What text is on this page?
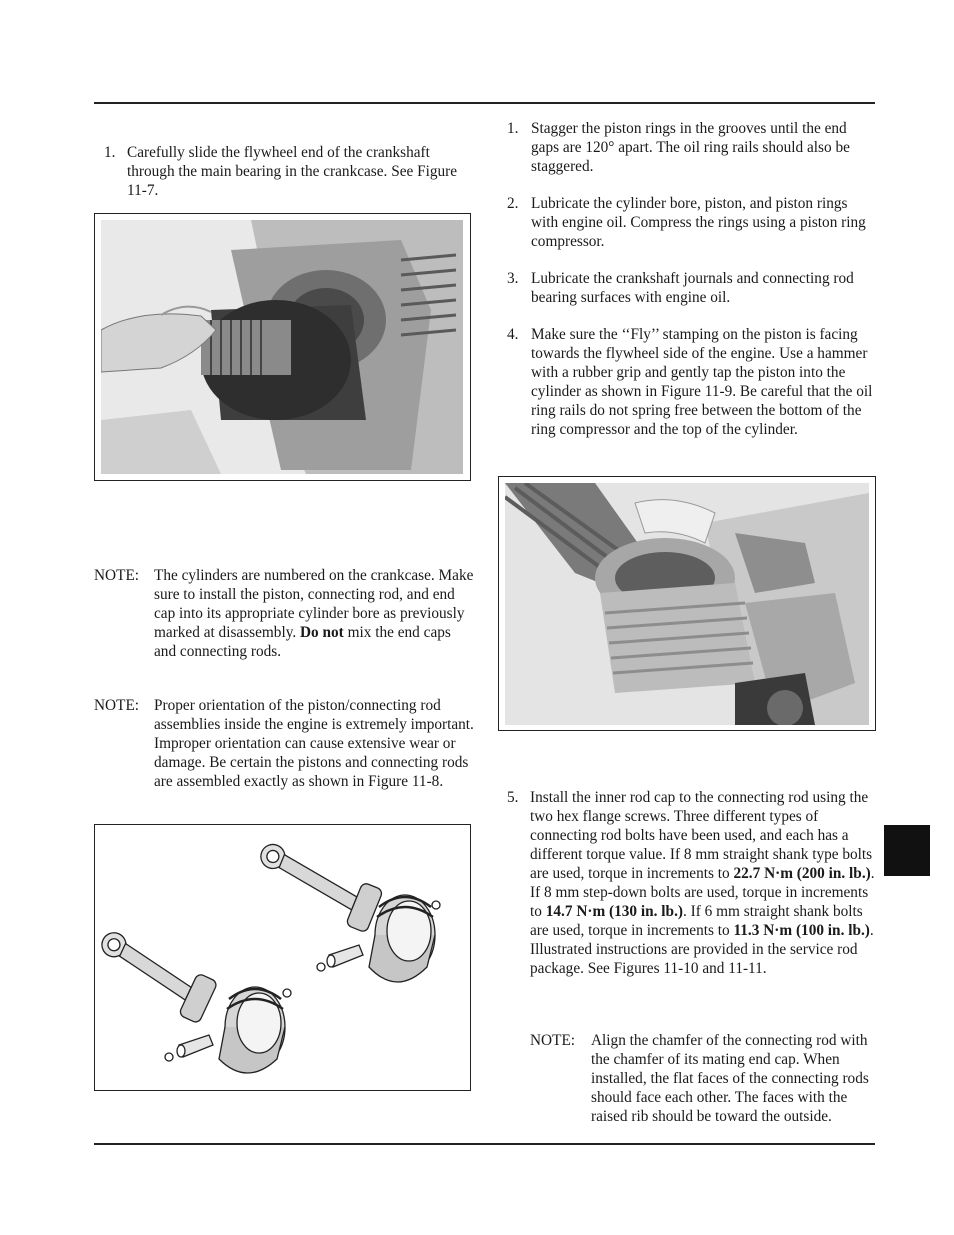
1. Carefully slide the flywheel end of the crankshaft through the main bearing in the crankcase. See Figure 11-7.
NOTE: The cylinders are numbered on the crankcase. Make sure to install the piston, connecting rod, and end cap into its appropriate cylinder bore as previously marked at disassembly. Do not mix the end caps and connecting rods.
NOTE: Proper orientation of the piston/connecting rod assemblies inside the engine is extremely important. Improper orientation can cause extensive wear or damage. Be certain the pistons and connecting rods are assembled exactly as shown in Figure 11-8.
1. Stagger the piston rings in the grooves until the end gaps are 120° apart. The oil ring rails should also be staggered.
2. Lubricate the cylinder bore, piston, and piston rings with engine oil. Compress the rings using a piston ring compressor.
3. Lubricate the crankshaft journals and connecting rod bearing surfaces with engine oil.
4. Make sure the ‘‘Fly’’ stamping on the piston is facing towards the flywheel side of the engine. Use a hammer with a rubber grip and gently tap the piston into the cylinder as shown in Figure 11-9. Be careful that the oil ring rails do not spring free between the bottom of the ring compressor and the top of the cylinder.
5. Install the inner rod cap to the connecting rod using the two hex flange screws. Three different types of connecting rod bolts have been used, and each has a different torque value. If 8 mm straight shank type bolts are used, torque in increments to 22.7 N·m (200 in. lb.). If 8 mm step-down bolts are used, torque in increments to 14.7 N·m (130 in. lb.). If 6 mm straight shank bolts are used, torque in increments to 11.3 N·m (100 in. lb.). Illustrated instructions are provided in the service rod package. See Figures 11-10 and 11-11.
NOTE: Align the chamfer of the connecting rod with the chamfer of its mating end cap. When installed, the flat faces of the connecting rods should face each other. The faces with the raised rib should be toward the outside.
